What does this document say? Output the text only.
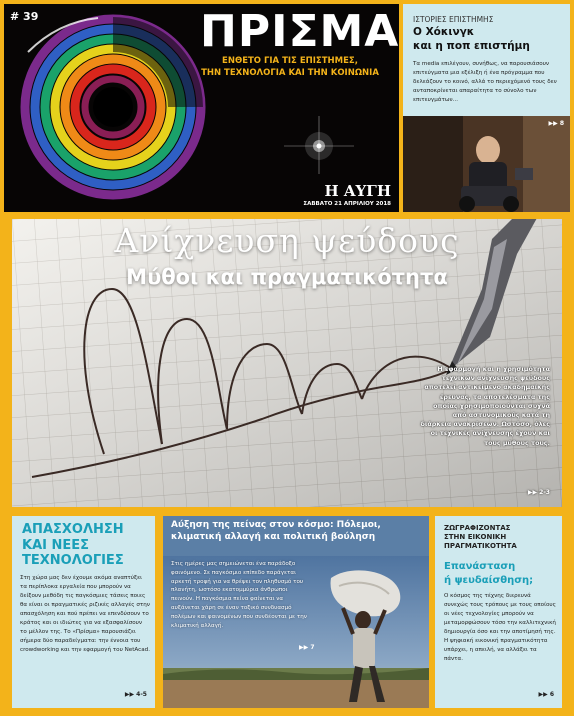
# 39	ΠΡΙΣΜΑ
ΕΝΘΕΤΟ ΓΙΑ ΤΙΣ ΕΠΙΣΤΗΜΕΣ,
ΤΗΝ ΤΕΧΝΟΛΟΓΙΑ ΚΑΙ ΤΗΝ ΚΟΙΝΩΝΙΑ
Η ΑΥΓΗ
ΣΑΒΒΑΤΟ 21 ΑΠΡΙΛΙΟΥ 2018
ΙΣΤΟΡΙΕΣ ΕΠΙΣΤΗΜΗΣ
Ο Χόκινγκ
και η ποπ επιστήμη
Τα media επιλέγουν, συνήθως, να παρουσιάσουν επιτεύγματα μια εξέλιξη ή ένα πρόγραμμα που δελεάζουν το κοινό, αλλά το περιεχόμενό τους δεν ανταποκρίνεται απαραίτητα το σύνολο των επιτευγμάτων...
▶▶ 8
Ανίχνευση ψεύδους
Μύθοι και πραγματικότητα
Η εφαρμογή και η χρησιμότητα τεχνικών ανίχνευσης ψεύδους αποτελεί αντικείμενο ακαδημαϊκής έρευνας, τα αποτελέσματα της οποίας χρησιμοποιούνται συχνά από αστυνομικούς κατά τη διάρκεια ανακρίσεων. Ωστόσο, όλες οι τεχνικές ανίχνευσης έχουν και τους μύθους τους.
▶▶ 2-3
ΑΠΑΣΧΟΛΗΣΗ
ΚΑΙ ΝΕΕΣ ΤΕΧΝΟΛΟΓΙΕΣ
Στη χώρα μας δεν έχουμε ακόμα αναπτύξει τα περίπλοκα εργαλεία που μπορούν να δείξουν μεθόδη τις παγκόσμιες τάσεις ποιες θα είναι οι πραγματικές ριζικές αλλαγές στην απασχόληση και πού πρέπει να επενδύσουν το κράτος και οι ιδιώτες για να εξασφαλίσουν το μέλλον της. Το «Πρίσμα» παρουσιάζει σήμερα δύο παραδείγματα: την έννοια του crowdworking και την εφαρμογή του NetAcad.
▶▶ 4-5
Αύξηση της πείνας στον κόσμο: Πόλεμοι, κλιματική αλλαγή και πολιτική βούληση
Στις ημέρες μας σημειώνεται ένα παράδοξο φαινόμενο. Σε παγκόσμιο επίπεδο παράγεται αρκετή τροφή για να θρέψει τον πληθυσμό του πλανήτη, ωστόσο εκατομμύρια άνθρωποι πεινούν. Η παγκόσμια πείνα φαίνεται να αυξάνεται χάρη σε έναν τοξικό συνδυασμό πολέμων και φαινομένων που συνδέονται με την κλιματική αλλαγή.
▶▶ 7
ΖΩΓΡΑΦΙΖΟΝΤΑΣ
ΣΤΗΝ ΕΙΚΟΝΙΚΗ
ΠΡΑΓΜΑΤΙΚΟΤΗΤΑ
Επανάσταση
ή ψευδαίσθηση;
Ο κόσμος της τέχνης διερευνά συνεχώς τους τρόπους με τους οποίους οι νέες τεχνολογίες μπορούν να μεταμορφώσουν τόσο την καλλιτεχνική δημιουργία όσο και την αποτίμησή της. Η ψηφιακή εικονική πραγματικότητα υπάρχει, η απειλή, να αλλάξει τα πάντα.
▶▶ 6
